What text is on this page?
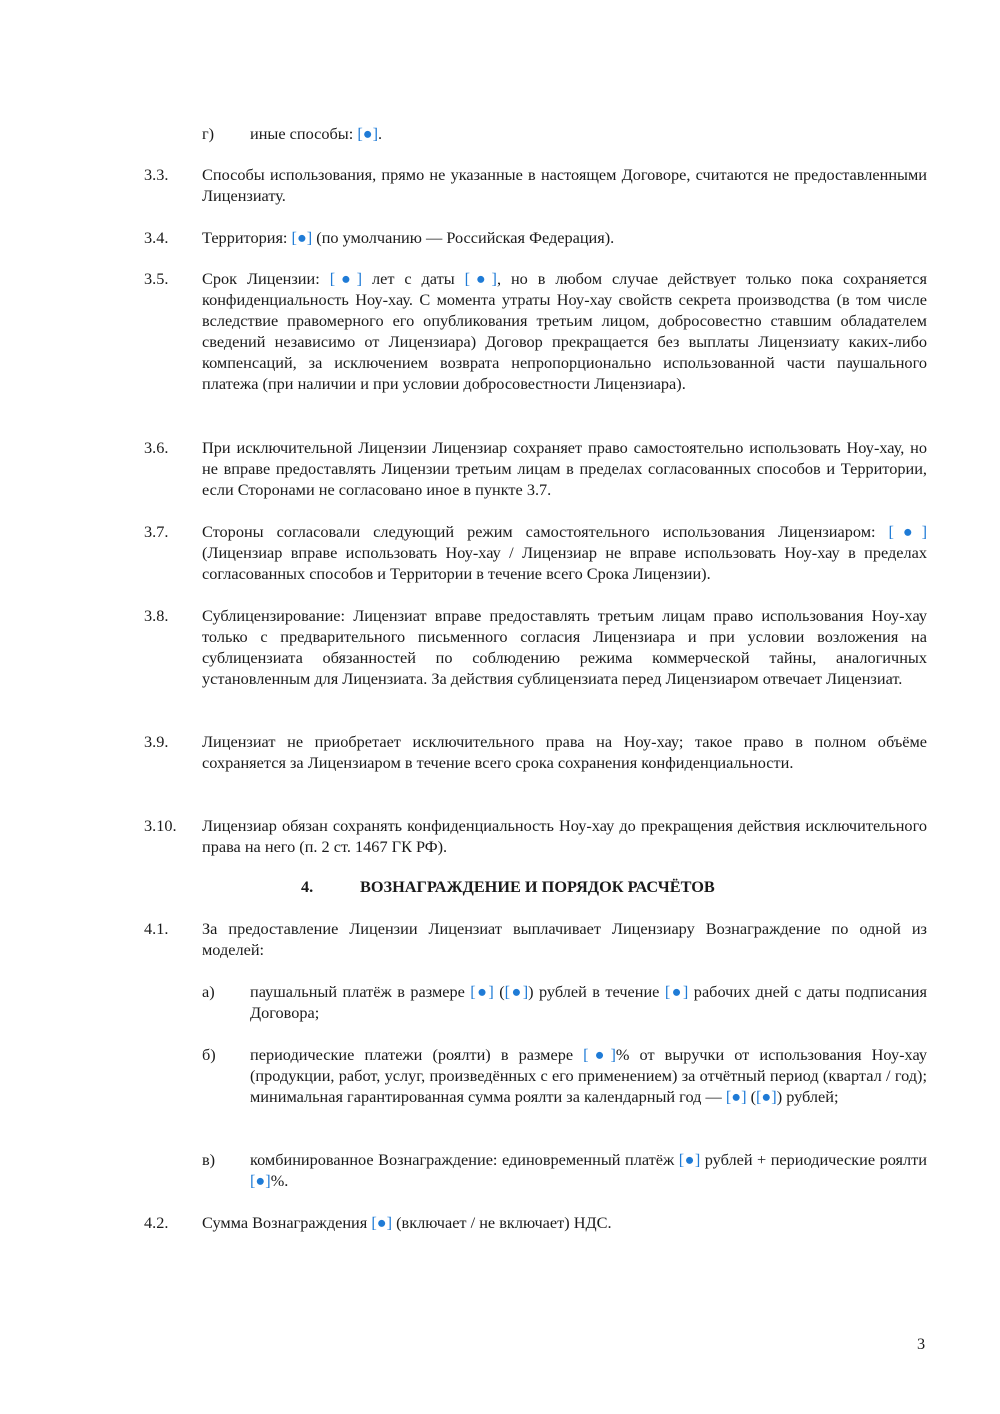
г) иные способы: [●].
3.3. Способы использования, прямо не указанные в настоящем Договоре, считаются не предоставленными Лицензиату.
3.4. Территория: [●] (по умолчанию — Российская Федерация).
3.5. Срок Лицензии: [●] лет с даты [●], но в любом случае действует только пока сохраняется конфиденциальность Ноу-хау. С момента утраты Ноу-хау свойств секрета производства (в том числе вследствие правомерного его опубликования третьим лицом, добросовестно ставшим обладателем сведений независимо от Лицензиара) Договор прекращается без выплаты Лицензиату каких-либо компенсаций, за исключением возврата непропорционально использованной части паушального платежа (при наличии и при условии добросовестности Лицензиара).
3.6. При исключительной Лицензии Лицензиар сохраняет право самостоятельно использовать Ноу-хау, но не вправе предоставлять Лицензии третьим лицам в пределах согласованных способов и Территории, если Сторонами не согласовано иное в пункте 3.7.
3.7. Стороны согласовали следующий режим самостоятельного использования Лицензиаром: [●] (Лицензиар вправе использовать Ноу-хау / Лицензиар не вправе использовать Ноу-хау в пределах согласованных способов и Территории в течение всего Срока Лицензии).
3.8. Сублицензирование: Лицензиат вправе предоставлять третьим лицам право использования Ноу-хау только с предварительного письменного согласия Лицензиара и при условии возложения на сублицензиата обязанностей по соблюдению режима коммерческой тайны, аналогичных установленным для Лицензиата. За действия сублицензиата перед Лицензиаром отвечает Лицензиат.
3.9. Лицензиат не приобретает исключительного права на Ноу-хау; такое право в полном объёме сохраняется за Лицензиаром в течение всего срока сохранения конфиденциальности.
3.10. Лицензиар обязан сохранять конфиденциальность Ноу-хау до прекращения действия исключительного права на него (п. 2 ст. 1467 ГК РФ).
4.	ВОЗНАГРАЖДЕНИЕ И ПОРЯДОК РАСЧЁТОВ
4.1. За предоставление Лицензии Лицензиат выплачивает Лицензиару Вознаграждение по одной из моделей:
а) паушальный платёж в размере [●] ([●]) рублей в течение [●] рабочих дней с даты подписания Договора;
б) периодические платежи (роялти) в размере [●]% от выручки от использования Ноу-хау (продукции, работ, услуг, произведённых с его применением) за отчётный период (квартал / год); минимальная гарантированная сумма роялти за календарный год — [●] ([●]) рублей;
в) комбинированное Вознаграждение: единовременный платёж [●] рублей + периодические роялти [●]%.
4.2. Сумма Вознаграждения [●] (включает / не включает) НДС.
3
